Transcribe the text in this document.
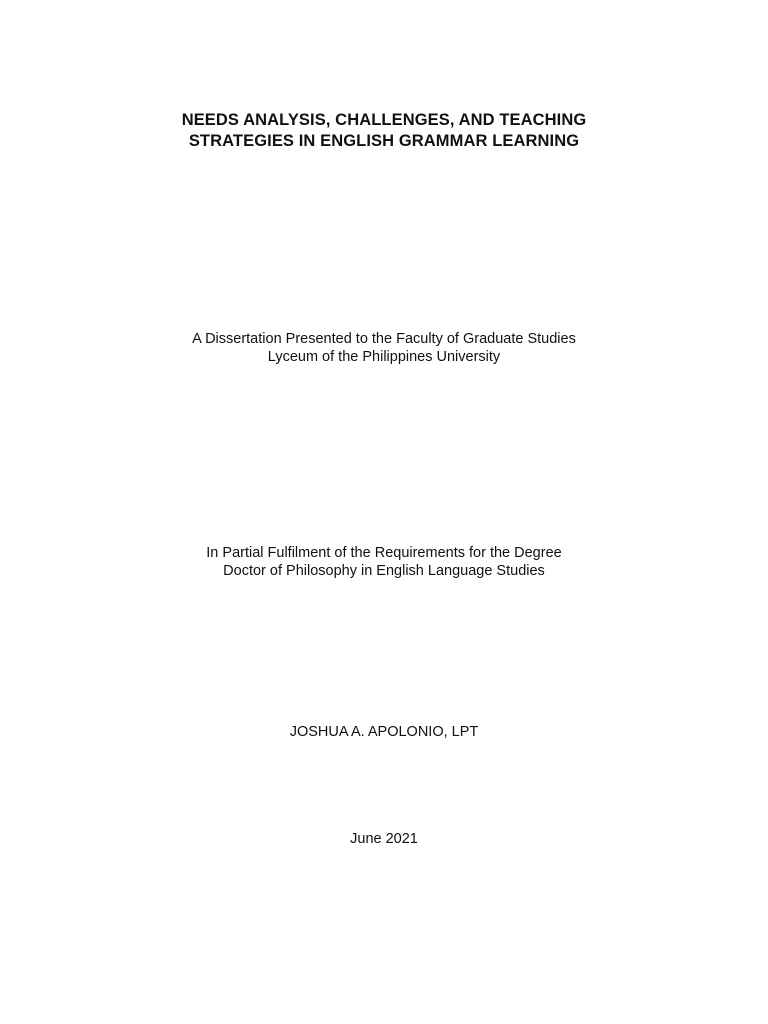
NEEDS ANALYSIS, CHALLENGES, AND TEACHING
STRATEGIES IN ENGLISH GRAMMAR LEARNING
A Dissertation Presented to the Faculty of Graduate Studies
Lyceum of the Philippines University
In Partial Fulfilment of the Requirements for the Degree
Doctor of Philosophy in English Language Studies
JOSHUA A. APOLONIO, LPT
June 2021
